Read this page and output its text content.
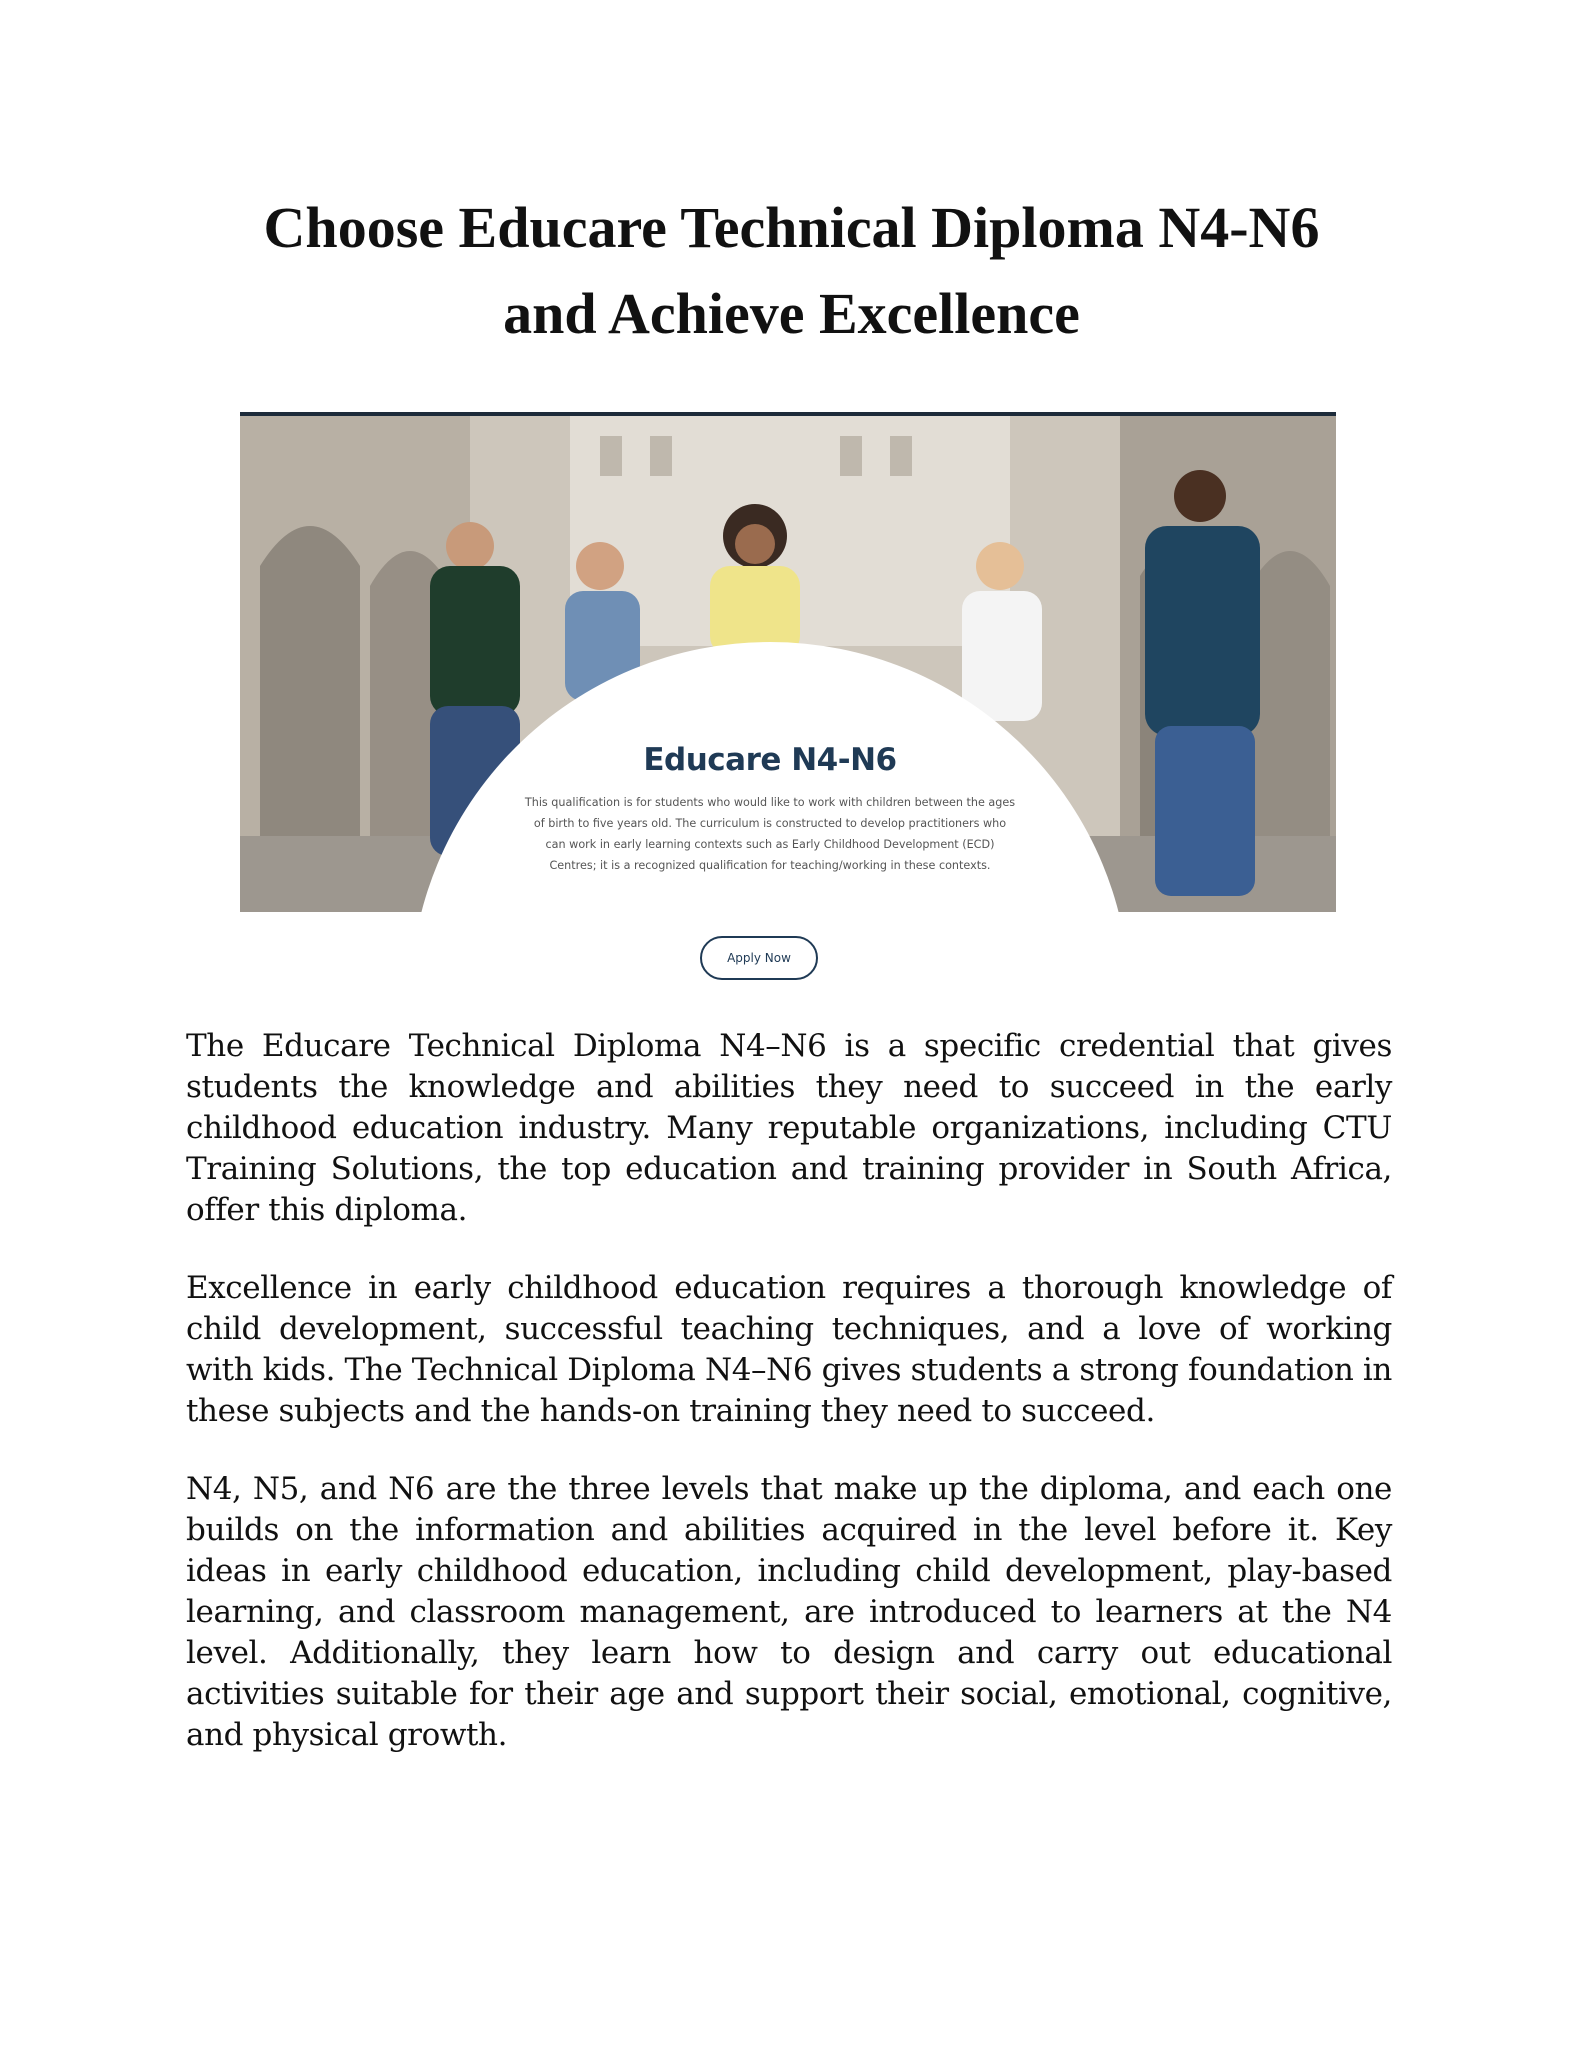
Choose Educare Technical Diploma N4-N6
and Achieve Excellence
Educare N4-N6

This qualification is for students who would like to work with children between the ages of birth to five years old. The curriculum is constructed to develop practitioners who can work in early learning contexts such as Early Childhood Development (ECD) Centres; it is a recognized qualification for teaching/working in these contexts.

Apply Now

The Educare Technical Diploma N4–N6 is a specific credential that gives students the knowledge and abilities they need to succeed in the early childhood education industry. Many reputable organizations, including CTU Training Solutions, the top education and training provider in South Africa, offer this diploma.

Excellence in early childhood education requires a thorough knowledge of child development, successful teaching techniques, and a love of working with kids. The Technical Diploma N4–N6 gives students a strong foundation in these subjects and the hands-on training they need to succeed.

N4, N5, and N6 are the three levels that make up the diploma, and each one builds on the information and abilities acquired in the level before it. Key ideas in early childhood education, including child development, play-based learning, and classroom management, are introduced to learners at the N4 level. Additionally, they learn how to design and carry out educational activities suitable for their age and support their social, emotional, cognitive, and physical growth.
